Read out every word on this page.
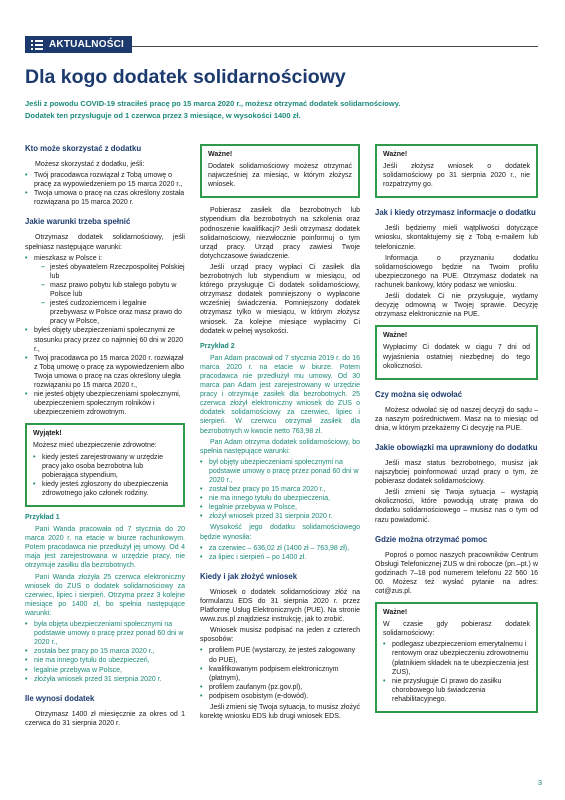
AKTUALNOŚCI
Dla kogo dodatek solidarnościowy

Jeśli z powodu COVID-19 straciłeś pracę po 15 marca 2020 r., możesz otrzymać dodatek solidarnościowy.

Dodatek ten przysługuje od 1 czerwca przez 3 miesiące, w wysokości 1400 zł.

Kto może skorzystać z dodatku

Możesz skorzystać z dodatku, jeśli:

• Twój pracodawca rozwiązał z Tobą umowę o pracę za wypowiedzeniem po 15 marca 2020 r.,
• Twoja umowa o pracę na czas określony została rozwiązana po 15 marca 2020 r.
Jakie warunki trzeba spełnić

Otrzymasz dodatek solidarnościowy, jeśli spełniasz następujące warunki:

• mieszkasz w Polsce i:
– jesteś obywatelem Rzeczpospolitej Polskiej lub
– masz prawo pobytu lub stałego pobytu w Polsce lub
– jesteś cudzoziemcem i legalnie przebywasz w Polsce oraz masz prawo do pracy w Polsce,
• byłeś objęty ubezpieczeniami społecznymi ze stosunku pracy przez co najmniej 60 dni w 2020 r.,
• Twoj pracodawca po 15 marca 2020 r. rozwiązał z Tobą umowę o pracę za wypowiedzeniem albo Twoja umowa o pracę na czas określony uległa rozwiązaniu po 15 marca 2020 r.,
• nie jesteś objęty ubezpieczeniami społecznymi, ubezpieczeniem społecznym rolników i ubezpieczeniem zdrowotnym.
Wyjątek!

Możesz mieć ubezpieczenie zdrowotne:

• kiedy jesteś zarejestrowany w urzędzie pracy jako osoba bezrobotna lub pobierająca stypendium,
• kiedy jesteś zgłoszony do ubezpieczenia zdrowotnego jako członek rodziny.
Przykład 1

Pani Wanda pracowała od 7 stycznia do 20 marca 2020 r. na etacie w biurze rachunkowym. Potem pracodawca nie przedłużył jej umowy. Od 4 maja jest zarejestrowana w urzędzie pracy, nie otrzymuje zasiłku dla bezrobotnych.

Pani Wanda złożyła 25 czerwca elektroniczny wniosek do ZUS o dodatek solidarnościowy za czerwiec, lipiec i sierpień. Otrzyma przez 3 kolejne miesiące po 1400 zł, bo spełnia następujące warunki:

• była objęta ubezpieczeniami społecznymi na podstawie umowy o pracę przez ponad 60 dni w 2020 r.,
• została bez pracy po 15 marca 2020 r.,
• nie ma innego tytułu do ubezpieczeń,
• legalnie przebywa w Polsce,
• złożyła wniosek przed 31 sierpnia 2020 r.
Ile wynosi dodatek

Otrzymasz 1400 zł miesięcznie za okres od 1 czerwca do 31 sierpnia 2020 r.

Ważne!

Dodatek solidarnościowy możesz otrzymać najwcześniej za miesiąc, w którym złożysz wniosek.

Pobierasz zasiłek dla bezrobotnych lub stypendium dla bezrobotnych na szkolenia oraz podnoszenie kwalifikacji? Jeśli otrzymasz dodatek solidarnościowy, niezwłocznie poinformuj o tym urząd pracy. Urząd pracy zawiesi Twoje dotychczasowe świadczenie.

Jeśli urząd pracy wypłaci Ci zasiłek dla bezrobotnych lub stypendium w miesiącu, od którego przysługuje Ci dodatek solidarnościowy, otrzymasz dodatek pomniejszony o wypłacone wcześniej świadczenia. Pomniejszony dodatek otrzymasz tylko w miesiącu, w którym złożysz wniosek. Za kolejne miesiące wypłacimy Ci dodatek w pełnej wysokości.

Przykład 2

Pan Adam pracował od 7 stycznia 2019 r. do 16 marca 2020 r. na etacie w biurze. Potem pracodawca nie przedłużył mu umowy. Od 30 marca pan Adam jest zarejestrowany w urzędzie pracy i otrzymuje zasiłek dla bezrobotnych. 25 czerwca złożył elektroniczny wniosek do ZUS o dodatek solidarnościowy za czerwiec, lipiec i sierpień. W czerwcu otrzymał zasiłek dla bezrobotnych w kwocie netto 763,98 zł.

Pan Adam otrzyma dodatek solidarnościowy, bo spełnia następujące warunki:

• był objęty ubezpieczeniami społecznymi na podstawie umowy o pracę przez ponad 60 dni w 2020 r.,
• został bez pracy po 15 marca 2020 r.,
• nie ma innego tytułu do ubezpieczenia,
• legalnie przebywa w Polsce,
• złożył wniosek przed 31 sierpnia 2020 r.

Wysokość jego dodatku solidarnościowego będzie wynosiła:

• za czerwiec – 636,02 zł (1400 zł – 763,98 zł),
• za lipiec i sierpień – po 1400 zł.
Kiedy i jak złożyć wniosek

Wniosek o dodatek solidarnościowy złóż na formularzu EDS do 31 sierpnia 2020 r. przez Platformę Usług Elektronicznych (PUE). Na stronie www.zus.pl znajdziesz instrukcję, jak to zrobić.

Wniosek musisz podpisać na jeden z czterech sposobów:

• profilem PUE (wystarczy, że jesteś zalogowany do PUE),
• kwalifikowanym podpisem elektronicznym (płatnym),
• profilem zaufanym (pz.gov.pl),
• podpisem osobistym (e-dowód).

Jeśli zmieni się Twoja sytuacja, to musisz złożyć korektę wniosku EDS lub drugi wniosek EDS.

Ważne!

Jeśli złożysz wniosek o dodatek solidarnościowy po 31 sierpnia 2020 r., nie rozpatrzymy go.

Jak i kiedy otrzymasz informacje o dodatku

Jeśli będziemy mieli wątpliwości dotyczące wniosku, skontaktujemy się z Tobą e-mailem lub telefonicznie.

Informacja o przyznaniu dodatku solidarnościowego będzie na Twoim profilu ubezpieczonego na PUE. Otrzymasz dodatek na rachunek bankowy, który podasz we wniosku.

Jeśli dodatek Ci nie przysługuje, wydamy decyzję odmowną w Twojej sprawie. Decyzję otrzymasz elektronicznie na PUE.

Ważne!

Wypłacimy Ci dodatek w ciągu 7 dni od wyjaśnienia ostatniej niezbędnej do tego okoliczności.

Czy można się odwołać

Możesz odwołać się od naszej decyzji do sądu – za naszym pośrednictwem. Masz na to miesiąc od dnia, w którym przekażemy Ci decyzję na PUE.

Jakie obowiązki ma uprawniony do dodatku

Jeśli masz status bezrobotnego, musisz jak najszybciej poinformować urząd pracy o tym, że pobierasz dodatek solidarnościowy.

Jeśli zmieni się Twoja sytuacja – wystąpią okoliczności, które powodują utratę prawa do dodatku solidarnościowego – musisz nas o tym od razu powiadomić.

Gdzie można otrzymać pomoc

Poproś o pomoc naszych pracowników Centrum Obsługi Telefonicznej ZUS w dni robocze (pn.–pt.) w godzinach 7–18 pod numerem telefonu 22 560 16 00. Możesz też wysłać pytanie na adres: cot@zus.pl.

Ważne!

W czasie gdy pobierasz dodatek solidarnościowy:

• podlegasz ubezpieczeniom emerytalnemu i rentowym oraz ubezpieczeniu zdrowotnemu (płatnikiem składek na te ubezpieczenia jest ZUS),
• nie przysługuje Ci prawo do zasiłku chorobowego lub świadczenia rehabilitacyjnego.
3
